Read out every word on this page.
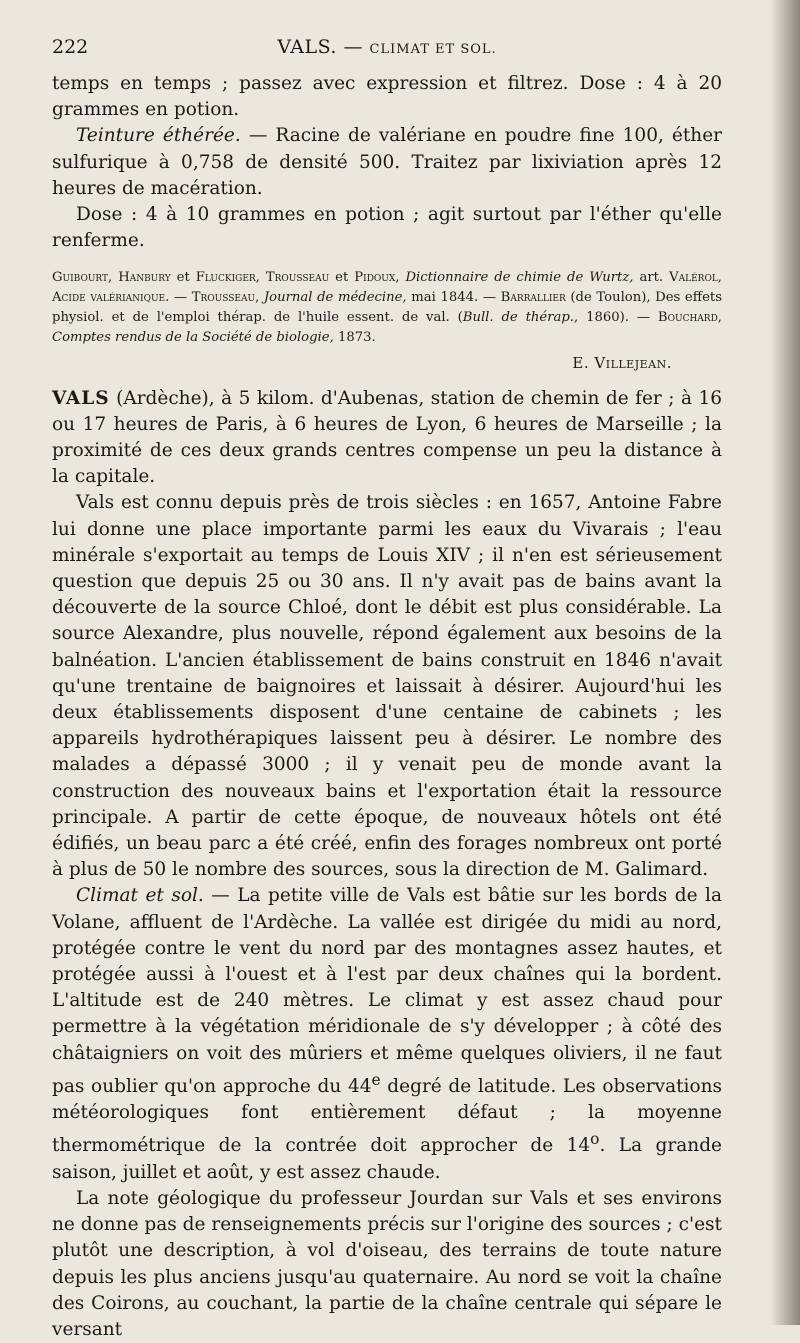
222	VALS. — CLIMAT ET SOL.

temps en temps ; passez avec expression et filtrez. Dose : 4 à 20 grammes en potion.

Teinture éthérée. — Racine de valériane en poudre fine 100, éther sulfurique à 0,758 de densité 500. Traitez par lixiviation après 12 heures de macération.

Dose : 4 à 10 grammes en potion ; agit surtout par l'éther qu'elle renferme.

Guibourt, Hanbury et Fluckiger, Trousseau et Pidoux, Dictionnaire de chimie de Wurtz, art. Valérol, Acide valérianique. — Trousseau, Journal de médecine, mai 1844. — Barrallier (de Toulon), Des effets physiol. et de l'emploi thérap. de l'huile essent. de val. (Bull. de thérap., 1860). — Bouchard, Comptes rendus de la Société de biologie, 1873.

E. Villejean.

VALS (Ardèche), à 5 kilom. d'Aubenas, station de chemin de fer ; à 16 ou 17 heures de Paris, à 6 heures de Lyon, 6 heures de Marseille ; la proximité de ces deux grands centres compense un peu la distance à la capitale.

Vals est connu depuis près de trois siècles : en 1657, Antoine Fabre lui donne une place importante parmi les eaux du Vivarais ; l'eau minérale s'exportait au temps de Louis XIV ; il n'en est sérieusement question que depuis 25 ou 30 ans. Il n'y avait pas de bains avant la découverte de la source Chloé, dont le débit est plus considérable. La source Alexandre, plus nouvelle, répond également aux besoins de la balnéation. L'ancien établissement de bains construit en 1846 n'avait qu'une trentaine de baignoires et laissait à désirer. Aujourd'hui les deux établissements disposent d'une centaine de cabinets ; les appareils hydrothérapiques laissent peu à désirer. Le nombre des malades a dépassé 3000 ; il y venait peu de monde avant la construction des nouveaux bains et l'exportation était la ressource principale. A partir de cette époque, de nouveaux hôtels ont été édifiés, un beau parc a été créé, enfin des forages nombreux ont porté à plus de 50 le nombre des sources, sous la direction de M. Galimard.

Climat et sol. — La petite ville de Vals est bâtie sur les bords de la Volane, affluent de l'Ardèche. La vallée est dirigée du midi au nord, protégée contre le vent du nord par des montagnes assez hautes, et protégée aussi à l'ouest et à l'est par deux chaînes qui la bordent. L'altitude est de 240 mètres. Le climat y est assez chaud pour permettre à la végétation méridionale de s'y développer ; à côté des châtaigniers on voit des mûriers et même quelques oliviers, il ne faut pas oublier qu'on approche du 44e degré de latitude. Les observations météorologiques font entièrement défaut ; la moyenne thermométrique de la contrée doit approcher de 14$^o$. La grande saison, juillet et août, y est assez chaude.

La note géologique du professeur Jourdan sur Vals et ses environs ne donne pas de renseignements précis sur l'origine des sources ; c'est plutôt une description, à vol d'oiseau, des terrains de toute nature depuis les plus anciens jusqu'au quaternaire. Au nord se voit la chaîne des Coirons, au couchant, la partie de la chaîne centrale qui sépare le versant
